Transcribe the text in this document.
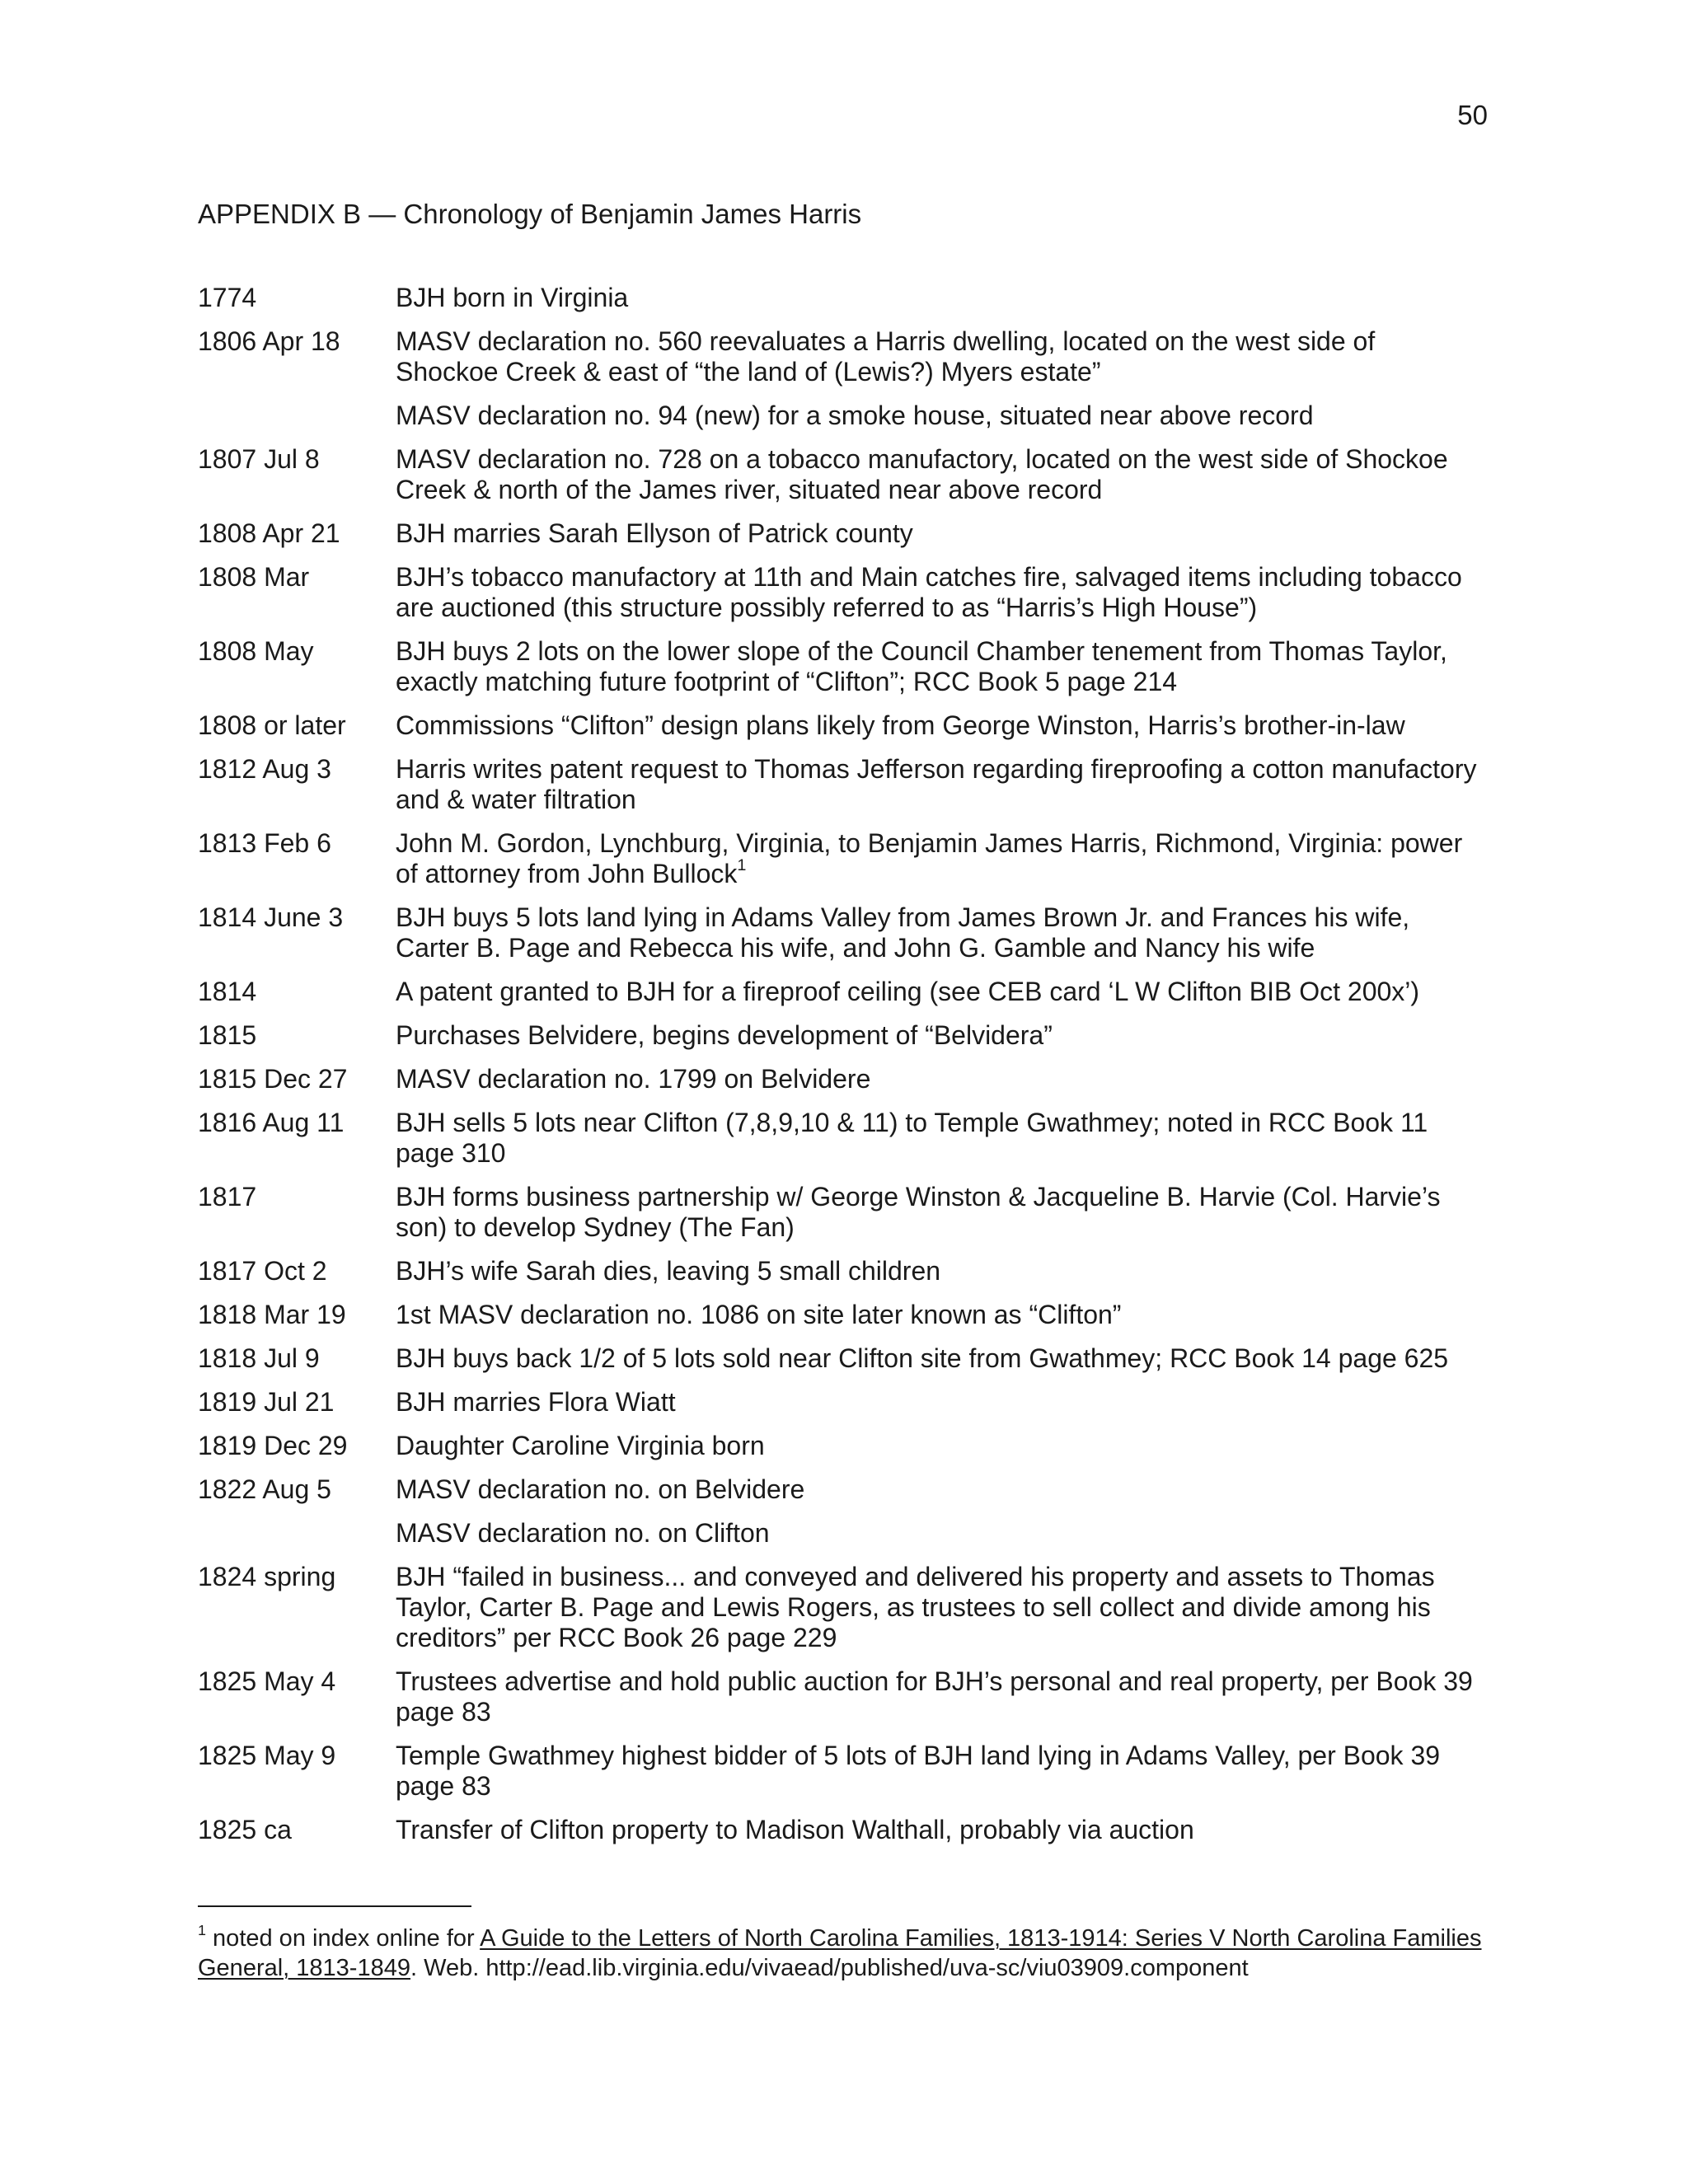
50
APPENDIX B — Chronology of Benjamin James Harris
1774	BJH born in Virginia
1806 Apr 18	MASV declaration no. 560 reevaluates a Harris dwelling, located on the west side of Shockoe Creek & east of “the land of (Lewis?) Myers estate”
MASV declaration no. 94 (new) for a smoke house, situated near above record
1807 Jul 8	MASV declaration no. 728 on a tobacco manufactory, located on the west side of Shockoe Creek & north of the James river, situated near above record
1808 Apr 21	BJH marries Sarah Ellyson of Patrick county
1808 Mar	BJH’s tobacco manufactory at 11th and Main catches fire, salvaged items including tobacco are auctioned (this structure possibly referred to as “Harris’s High House”)
1808 May	BJH buys 2 lots on the lower slope of the Council Chamber tenement from Thomas Taylor, exactly matching future footprint of “Clifton”; RCC Book 5 page 214
1808 or later	Commissions “Clifton” design plans likely from George Winston, Harris’s brother-in-law
1812 Aug 3	Harris writes patent request to Thomas Jefferson regarding fireproofing a cotton manufactory and & water filtration
1813 Feb 6	John M. Gordon, Lynchburg, Virginia, to Benjamin James Harris, Richmond, Virginia: power of attorney from John Bullock$^1$
1814 June 3	BJH buys 5 lots land lying in Adams Valley from James Brown Jr. and Frances his wife, Carter B. Page and Rebecca his wife, and John G. Gamble and Nancy his wife
1814	A patent granted to BJH for a fireproof ceiling (see CEB card ‘L W Clifton BIB Oct 200x’)
1815	Purchases Belvidere, begins development of “Belvidera”
1815 Dec 27	MASV declaration no. 1799 on Belvidere
1816 Aug 11	BJH sells 5 lots near Clifton (7,8,9,10 & 11) to Temple Gwathmey; noted in RCC Book 11 page 310
1817	BJH forms business partnership w/ George Winston & Jacqueline B. Harvie (Col. Harvie’s son) to develop Sydney (The Fan)
1817 Oct 2	BJH’s wife Sarah dies, leaving 5 small children
1818 Mar 19	1st MASV declaration no. 1086 on site later known as “Clifton”
1818 Jul 9	BJH buys back 1/2 of 5 lots sold near Clifton site from Gwathmey; RCC Book 14 page 625
1819 Jul 21	BJH marries Flora Wiatt
1819 Dec 29	Daughter Caroline Virginia born
1822 Aug 5	MASV declaration no. on Belvidere
MASV declaration no. on Clifton
1824 spring	BJH “failed in business... and conveyed and delivered his property and assets to Thomas Taylor, Carter B. Page and Lewis Rogers, as trustees to sell collect and divide among his creditors” per RCC Book 26 page 229
1825 May 4	Trustees advertise and hold public auction for BJH’s personal and real property, per Book 39 page 83
1825 May 9	Temple Gwathmey highest bidder of 5 lots of BJH land lying in Adams Valley, per Book 39 page 83
1825 ca	Transfer of Clifton property to Madison Walthall, probably via auction
$^1$ noted on index online for A Guide to the Letters of North Carolina Families, 1813-1914: Series V North Carolina Families General, 1813-1849. Web. http://ead.lib.virginia.edu/vivaead/published/uva-sc/viu03909.component
